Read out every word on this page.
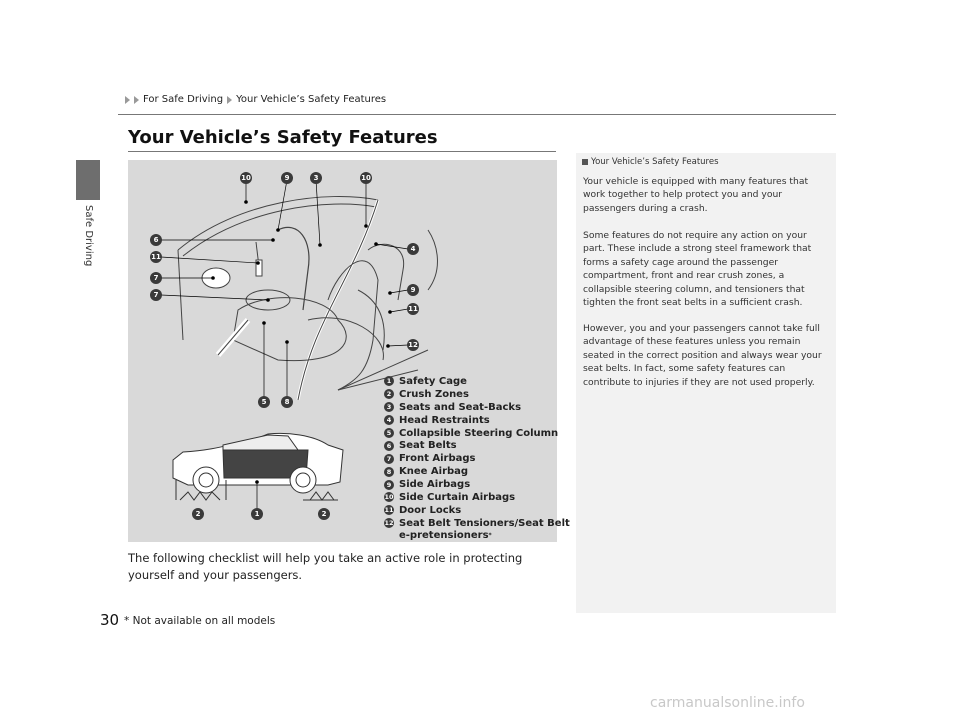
Safe Driving
For Safe Driving Your Vehicle’s Safety Features
Your Vehicle’s Safety Features
10	9	3	10
6
11
7
7
4
9
11
12
5	8
2	1	2
1 Safety Cage
2 Crush Zones
3 Seats and Seat-Backs
4 Head Restraints
5 Collapsible Steering Column
6 Seat Belts
7 Front Airbags
8 Knee Airbag
9 Side Airbags
10 Side Curtain Airbags
11 Door Locks
12 Seat Belt Tensioners/Seat Belt
e-pretensioners *
The following checklist will help you take an active role in protecting yourself and your passengers.
Your Vehicle’s Safety Features
Your vehicle is equipped with many features that work together to help protect you and your passengers during a crash.
Some features do not require any action on your part. These include a strong steel framework that forms a safety cage around the passenger compartment, front and rear crush zones, a collapsible steering column, and tensioners that tighten the front seat belts in a sufficient crash.
However, you and your passengers cannot take full advantage of these features unless you remain seated in the correct position and always wear your seat belts. In fact, some safety features can contribute to injuries if they are not used properly.
30 * Not available on all models
carmanualsonline.info
